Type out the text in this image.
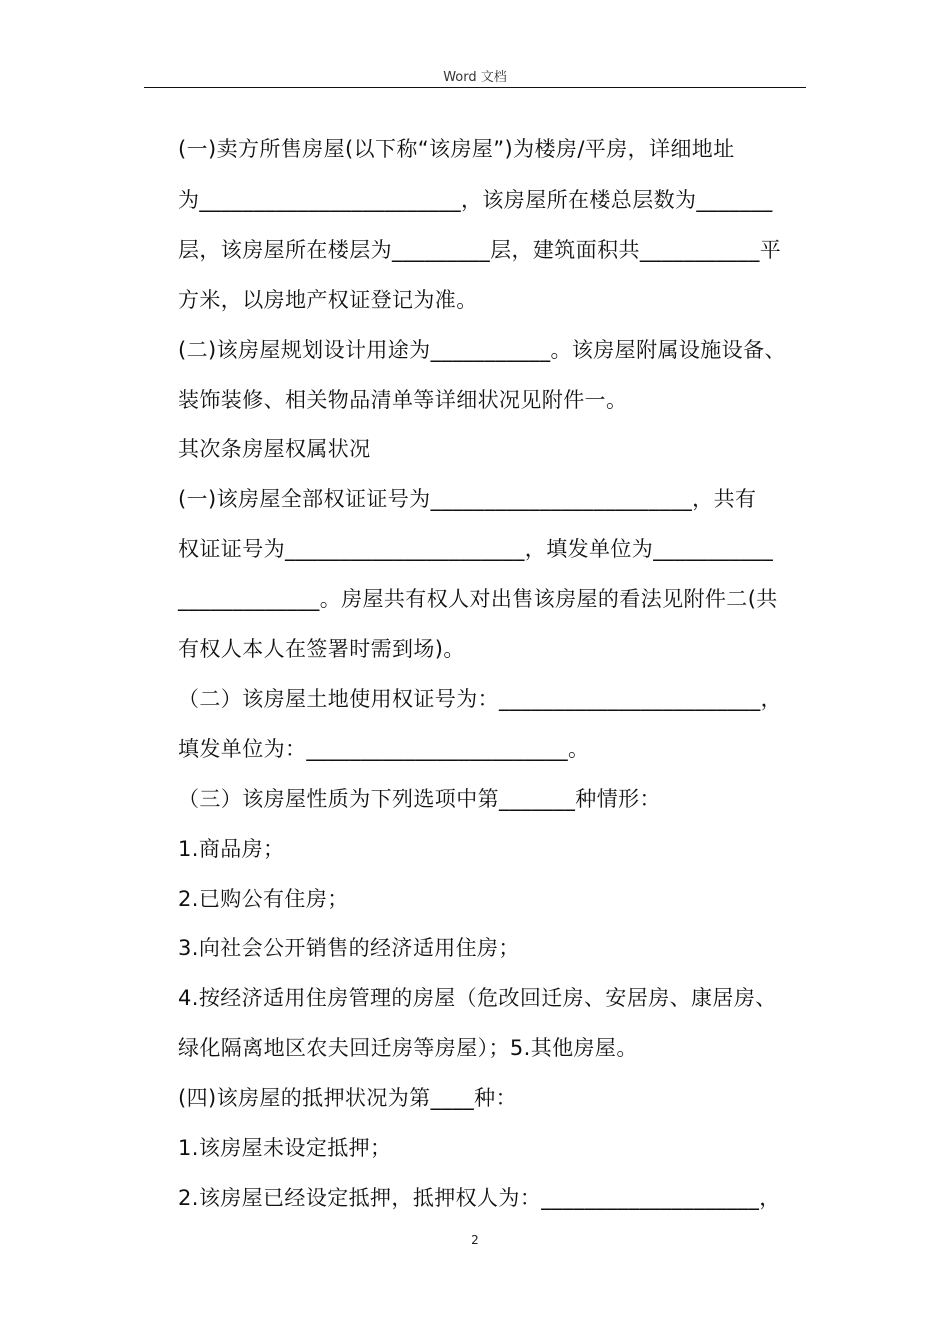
Word 文档
(一)卖方所售房屋(以下称“该房屋”)为楼房/平房，详细地址
为________________________，该房屋所在楼总层数为_______
层，该房屋所在楼层为_________层，建筑面积共___________平
方米，以房地产权证登记为准。
(二)该房屋规划设计用途为___________。该房屋附属设施设备、
装饰装修、相关物品清单等详细状况见附件一。
其次条房屋权属状况
(一)该房屋全部权证证号为________________________，共有
权证证号为______________________，填发单位为___________
_____________。房屋共有权人对出售该房屋的看法见附件二(共
有权人本人在签署时需到场)。
（二）该房屋土地使用权证号为：________________________，
填发单位为：________________________。
（三）该房屋性质为下列选项中第_______种情形：
1.商品房；
2.已购公有住房；
3.向社会公开销售的经济适用住房；
4.按经济适用住房管理的房屋（危改回迁房、安居房、康居房、
绿化隔离地区农夫回迁房等房屋）；5.其他房屋。
(四)该房屋的抵押状况为第____种：
1.该房屋未设定抵押；
2.该房屋已经设定抵押，抵押权人为：____________________，
2
